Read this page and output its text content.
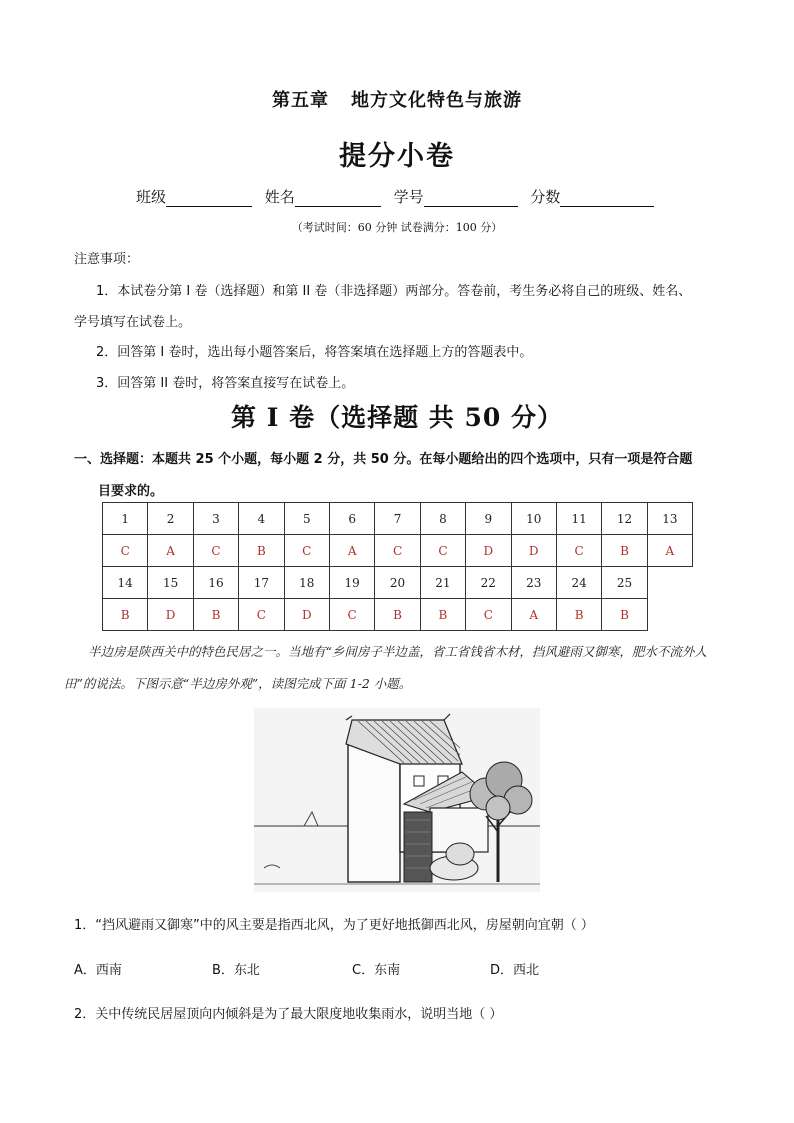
第五章 地方文化特色与旅游
提分小卷
班级	姓名	学号	分数
（考试时间：60 分钟 试卷满分：100 分）
注意事项：
1．本试卷分第 I 卷（选择题）和第 II 卷（非选择题）两部分。答卷前，考生务必将自己的班级、姓名、
学号填写在试卷上。
2．回答第 I 卷时，选出每小题答案后，将答案填在选择题上方的答题表中。
3．回答第 II 卷时，将答案直接写在试卷上。
第 I 卷（选择题 共 50 分）
一、选择题：本题共 25 个小题，每小题 2 分，共 50 分。在每小题给出的四个选项中，只有一项是符合题
目要求的。
1	2	3	4	5	6	7	8	9	10	11	12	13
C	A	C	B	C	A	C	C	D	D	C	B	A
14	15	16	17	18	19	20	21	22	23	24	25
B	D	B	C	D	C	B	B	C	A	B	B
半边房是陕西关中的特色民居之一。当地有“乡间房子半边盖，省工省钱省木材，挡风避雨又御寒，肥水不流外人田”的说法。下图示意“半边房外观”，读图完成下面 1-2 小题。
1．“挡风避雨又御寒”中的风主要是指西北风，为了更好地抵御西北风，房屋朝向宜朝（ ）
A．西南	B．东北	C．东南	D．西北
2．关中传统民居屋顶向内倾斜是为了最大限度地收集雨水，说明当地（ ）
